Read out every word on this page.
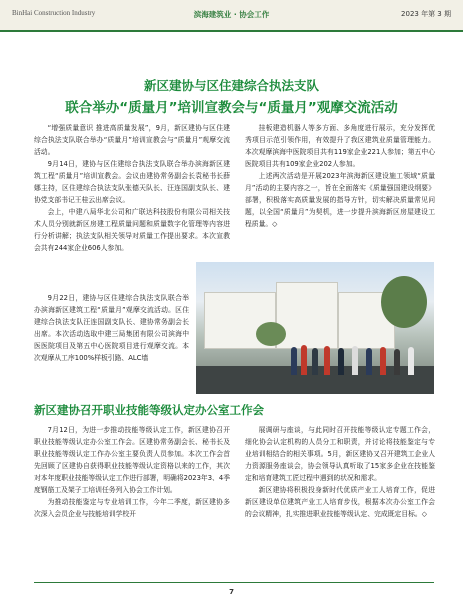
BinHai Construction Industry	滨海建筑业 · 协会工作	2023 年第 3 期
新区建协与区住建综合执法支队
联合举办“质量月”培训宣教会与“质量月”观摩交流活动

“增强质量意识 推进高质量发展”，9月，新区建协与区住建综合执法支队联合举办“质量月”培训宣教会与“质量月”观摩交流活动。

9月14日，建协与区住建综合执法支队联合举办滨海新区建筑工程“质量月”培训宣教会。会议由建协常务副会长袁秘书长薛娜主持，区住建综合执法支队张德天队长、汪连国副支队长、建协党支部书记王桂云出席会议。

会上，中建八局华北公司和广联达科技股份有限公司相关技术人员分别就新区房建工程质量问题和质量数字化管理等内容进行分析讲解；执法支队相关领导对质量工作提出要求。本次宣教会共有244家企业606人参加。

9月22日，建协与区住建综合执法支队联合举办滨海新区建筑工程“质量月”观摩交流活动。区住建综合执法支队汪连国副支队长、建协常务副会长出席。本次活动选取中建三局集团有限公司滨海中医医院项目及第五中心医院项目进行观摩交流。本次观摩从工序100%样板引路、ALC墙

挂板建造机器人等多方面、多角度进行展示，充分发挥优秀项目示范引领作用，有效提升了我区建筑业质量管理能力。本次观摩滨海中医院项目共有119家企业221人参加；第五中心医院项目共有109家企业202人参加。

上述两次活动是开展2023年滨海新区建设施工领域“质量月”活动的主要内容之一，旨在全面落实《质量强国建设纲要》部署，积极落实高质量发展的指导方针，切实解决质量常见问题，以全国“质量月”为契机，进一步提升滨海新区房屋建设工程质量。◇

新区建协召开职业技能等级认定办公室工作会

7月12日，为进一步推动技能等级认定工作，新区建协召开职业技能等级认定办公室工作会。区建协常务副会长、秘书长及职业技能等级认定工作办公室主要负责人员参加。本次工作会首先回顾了区建协自获得职业技能等级认定资格以来的工作，其次对本年度职业技能等级认定工作进行部署，明确将2023年3、4季度钢筋工及架子工培训任务列入协会工作计划。

为推动技能鉴定与专业培训工作，今年二季度，新区建协多次深入会员企业与技能培训学校开

展调研与座谈，与此同时召开技能等级认定专题工作会，细化协会认定机构的人员分工和职责，并讨论将技能鉴定与专业培训相结合的相关事项。5月，新区建协又召开建筑工企业人力资源服务座谈会，协会领导认真听取了15家多企业在技能鉴定和培育建筑工匠过程中遇到的状况和需求。

新区建协将积极投身新时代优质产业工人培育工作，促进新区建设单位建筑产业工人培育步伐，根据本次办公室工作会的会议精神，扎实推进职业技能等级认定、完成既定目标。◇

7
